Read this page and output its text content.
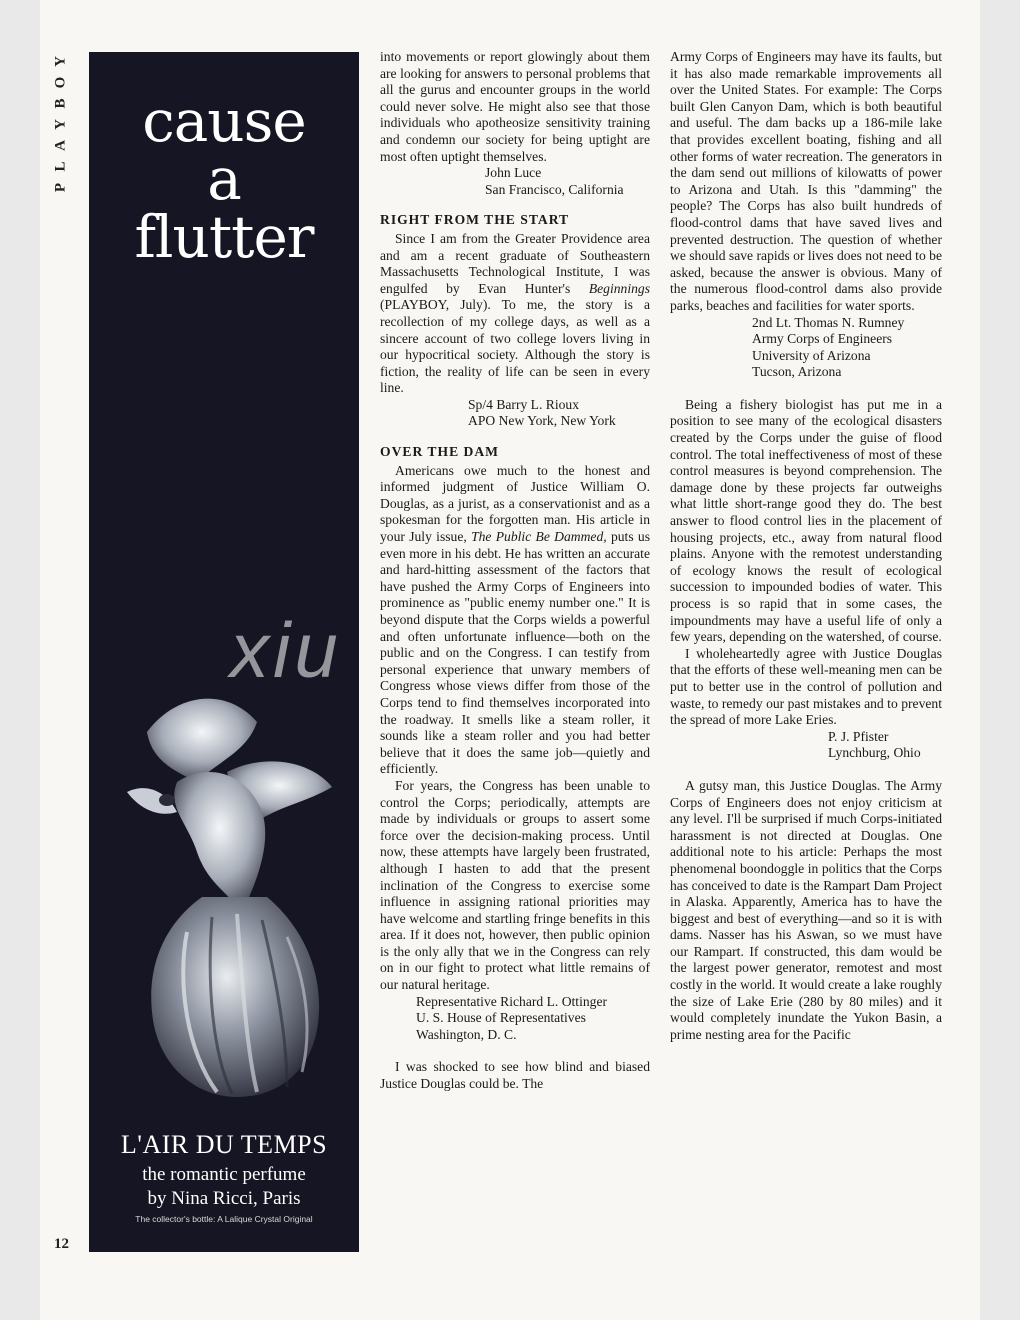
Y
O
B
Y
A
L
P
12
cause
a
flutter
L'AIR DU TEMPS
the romantic perfume
by Nina Ricci, Paris
The collector's bottle: A Lalique Crystal Original

into movements or report glowingly about them are looking for answers to personal problems that all the gurus and encounter groups in the world could never solve. He might also see that those individuals who apotheosize sensitivity training and condemn our society for being uptight are most often uptight themselves.

John Luce
San Francisco, California
RIGHT FROM THE START

Since I am from the Greater Providence area and am a recent graduate of Southeastern Massachusetts Technological Institute, I was engulfed by Evan Hunter's Beginnings (PLAYBOY, July). To me, the story is a recollection of my college days, as well as a sincere account of two college lovers living in our hypocritical society. Although the story is fiction, the reality of life can be seen in every line.

Sp/4 Barry L. Rioux
APO New York, New York
OVER THE DAM

Americans owe much to the honest and informed judgment of Justice William O. Douglas, as a jurist, as a conservationist and as a spokesman for the forgotten man. His article in your July issue, The Public Be Dammed, puts us even more in his debt. He has written an accurate and hard-hitting assessment of the factors that have pushed the Army Corps of Engineers into prominence as "public enemy number one." It is beyond dispute that the Corps wields a powerful and often unfortunate influence—both on the public and on the Congress. I can testify from personal experience that unwary members of Congress whose views differ from those of the Corps tend to find themselves incorporated into the roadway. It smells like a steam roller, it sounds like a steam roller and you had better believe that it does the same job—quietly and efficiently.

For years, the Congress has been unable to control the Corps; periodically, attempts are made by individuals or groups to assert some force over the decision-making process. Until now, these attempts have largely been frustrated, although I hasten to add that the present inclination of the Congress to exercise some influence in assigning rational priorities may have welcome and startling fringe benefits in this area. If it does not, however, then public opinion is the only ally that we in the Congress can rely on in our fight to protect what little remains of our natural heritage.

Representative Richard L. Ottinger
U. S. House of Representatives
Washington, D. C.

I was shocked to see how blind and biased Justice Douglas could be. The

Army Corps of Engineers may have its faults, but it has also made remarkable improvements all over the United States. For example: The Corps built Glen Canyon Dam, which is both beautiful and useful. The dam backs up a 186-mile lake that provides excellent boating, fishing and all other forms of water recreation. The generators in the dam send out millions of kilowatts of power to Arizona and Utah. Is this "damming" the people? The Corps has also built hundreds of flood-control dams that have saved lives and prevented destruction. The question of whether we should save rapids or lives does not need to be asked, because the answer is obvious. Many of the numerous flood-control dams also provide parks, beaches and facilities for water sports.

2nd Lt. Thomas N. Rumney
Army Corps of Engineers
University of Arizona
Tucson, Arizona

Being a fishery biologist has put me in a position to see many of the ecological disasters created by the Corps under the guise of flood control. The total ineffectiveness of most of these control measures is beyond comprehension. The damage done by these projects far outweighs what little short-range good they do. The best answer to flood control lies in the placement of housing projects, etc., away from natural flood plains. Anyone with the remotest understanding of ecology knows the result of ecological succession to impounded bodies of water. This process is so rapid that in some cases, the impoundments may have a useful life of only a few years, depending on the watershed, of course.

I wholeheartedly agree with Justice Douglas that the efforts of these well-meaning men can be put to better use in the control of pollution and waste, to remedy our past mistakes and to prevent the spread of more Lake Eries.

P. J. Pfister
Lynchburg, Ohio

A gutsy man, this Justice Douglas. The Army Corps of Engineers does not enjoy criticism at any level. I'll be surprised if much Corps-initiated harassment is not directed at Douglas. One additional note to his article: Perhaps the most phenomenal boondoggle in politics that the Corps has conceived to date is the Rampart Dam Project in Alaska. Apparently, America has to have the biggest and best of everything—and so it is with dams. Nasser has his Aswan, so we must have our Rampart. If constructed, this dam would be the largest power generator, remotest and most costly in the world. It would create a lake roughly the size of Lake Erie (280 by 80 miles) and it would completely inundate the Yukon Basin, a prime nesting area for the Pacific

xiu
